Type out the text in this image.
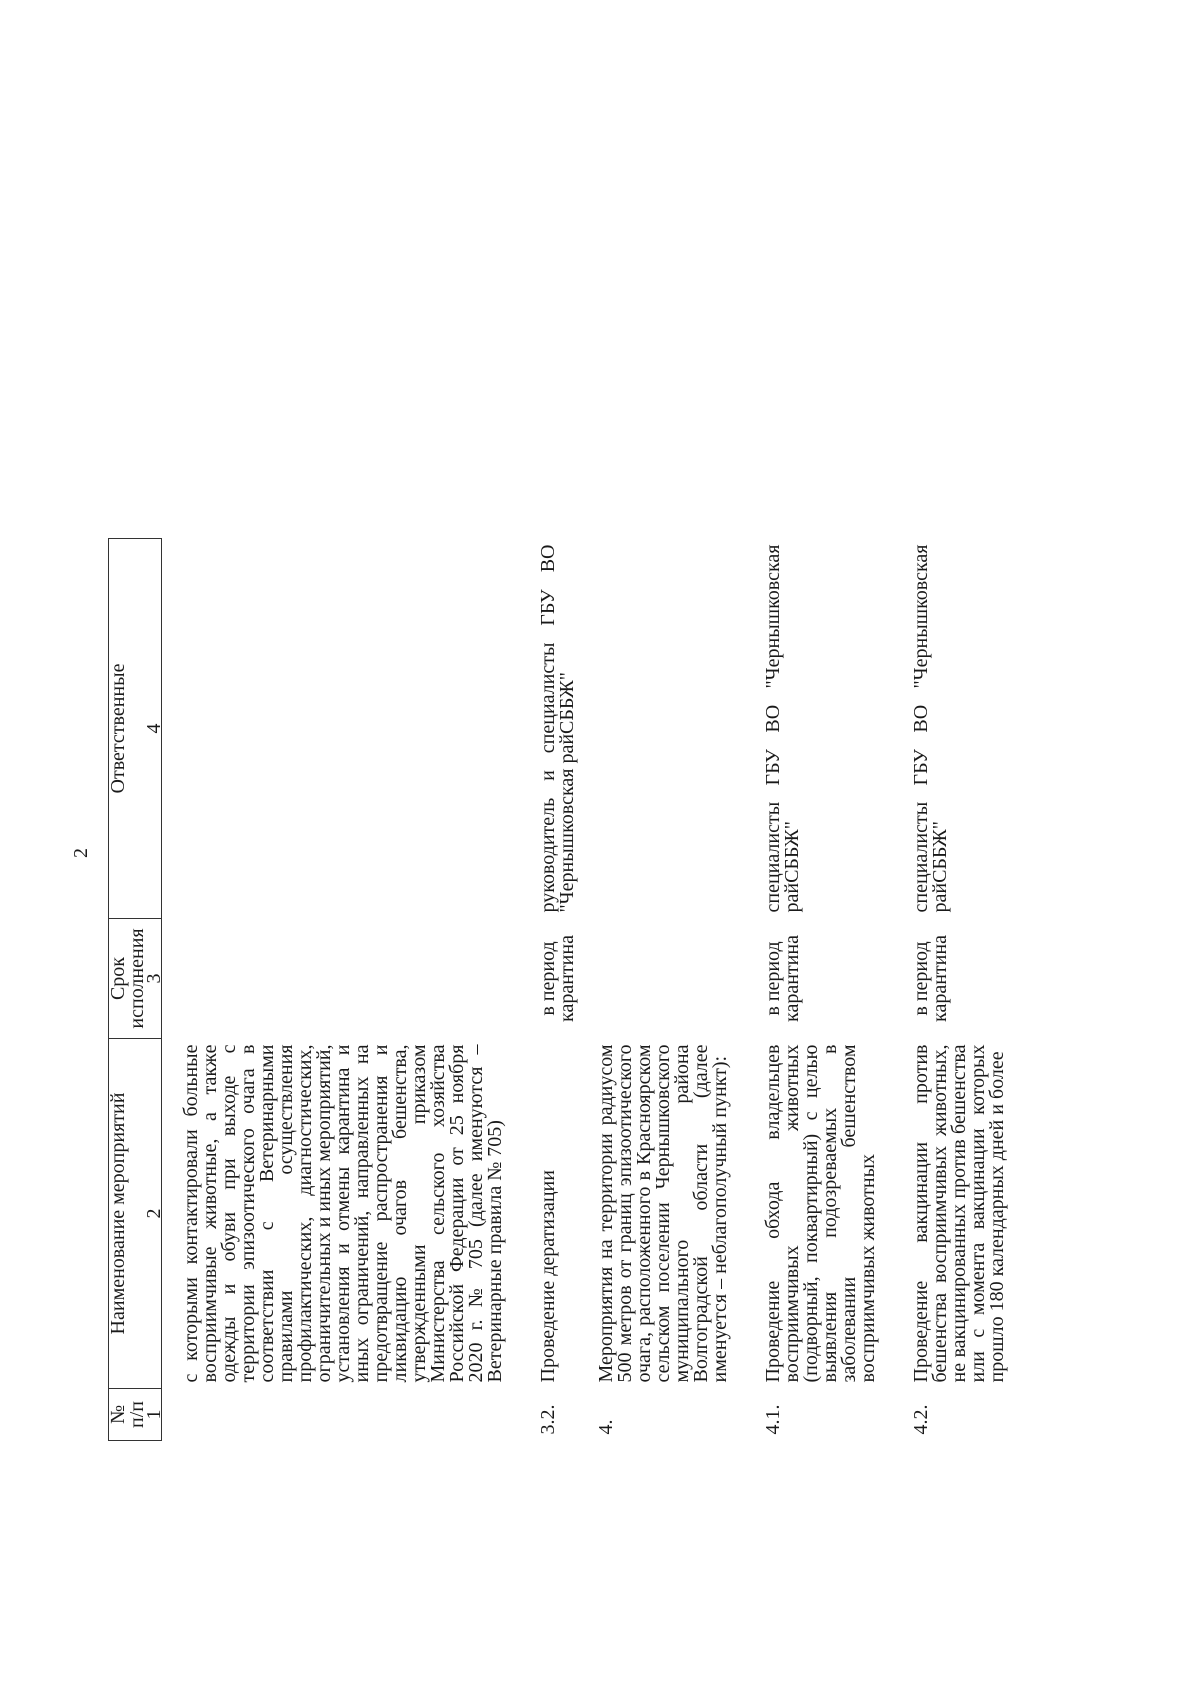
2
№ п/п	Наименование мероприятий	Срок исполнения	Ответственные
1	2	3	4
	с которыми контактировали больные восприимчивые животные, а также одежды и обуви при выходе с территории эпизоотического очага в соответствии с Ветеринарными правилами осуществления профилактических, диагностических, ограничительных и иных мероприятий, установления и отмены карантина и иных ограничений, направленных на предотвращение распространения и ликвидацию очагов бешенства, утвержденными приказом Министерства сельского хозяйства Российской Федерации от 25 ноября 2020 г. № 705 (далее именуются – Ветеринарные правила № 705)		
3.2.	Проведение дератизации	в период карантина	руководитель и специалисты ГБУ ВО "Чернышковская райСББЖ"
4.	Мероприятия на территории радиусом 500 метров от границ эпизоотического очага, расположенного в Красноярском сельском поселении Чернышковского муниципального района Волгоградской области (далее именуется – неблагополучный пункт):		
4.1.	Проведение обхода владельцев восприимчивых животных (подворный, поквартирный) с целью выявления подозреваемых в заболевании бешенством восприимчивых животных	в период карантина	специалисты ГБУ ВО "Чернышковская райСББЖ"
4.2.	Проведение вакцинации против бешенства восприимчивых животных, не вакцинированных против бешенства или с момента вакцинации которых прошло 180 календарных дней и более	в период карантина	специалисты ГБУ ВО "Чернышковская райСББЖ"
